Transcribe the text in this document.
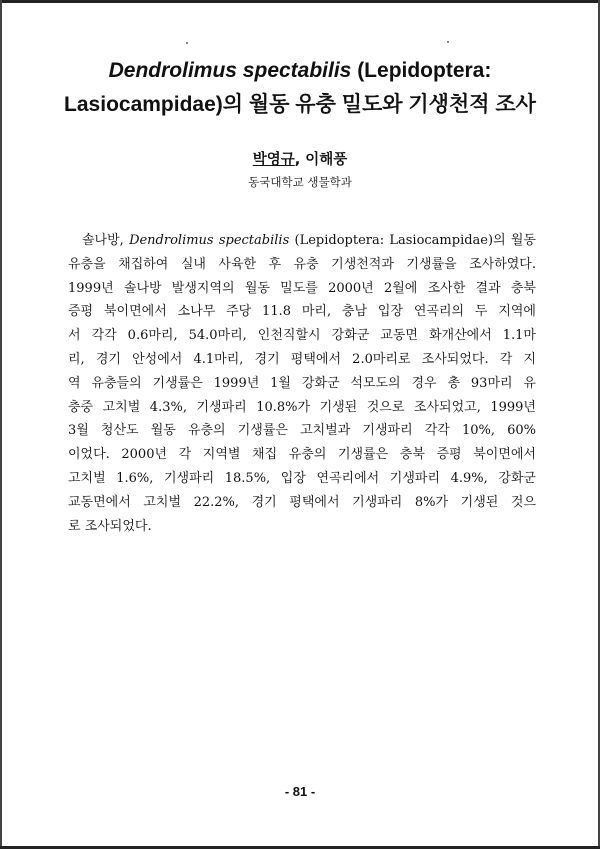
Dendrolimus spectabilis (Lepidoptera:
Lasiocampidae)의 월동 유충 밀도와 기생천적 조사
박영규, 이해풍
동국대학교 생물학과
솔나방, Dendrolimus spectabilis (Lepidoptera: Lasiocampidae)의 월동
유충을 채집하여 실내 사육한 후 유충 기생천적과 기생률을 조사하였다.
1999년 솔나방 발생지역의 월동 밀도를 2000년 2월에 조사한 결과 충북
증평 북이면에서 소나무 주당 11.8 마리, 충남 입장 연곡리의 두 지역에
서 각각 0.6마리, 54.0마리, 인천직할시 강화군 교동면 화개산에서 1.1마
리, 경기 안성에서 4.1마리, 경기 평택에서 2.0마리로 조사되었다. 각 지
역 유충들의 기생률은 1999년 1월 강화군 석모도의 경우 총 93마리 유
충중 고치벌 4.3%, 기생파리 10.8%가 기생된 것으로 조사되었고, 1999년
3월 청산도 월동 유충의 기생률은 고치벌과 기생파리 각각 10%, 60%
이었다. 2000년 각 지역별 채집 유충의 기생률은 충북 증평 북이면에서
고치벌 1.6%, 기생파리 18.5%, 입장 연곡리에서 기생파리 4.9%, 강화군
교동면에서 고치벌 22.2%, 경기 평택에서 기생파리 8%가 기생된 것으
로 조사되었다.
- 81 -
